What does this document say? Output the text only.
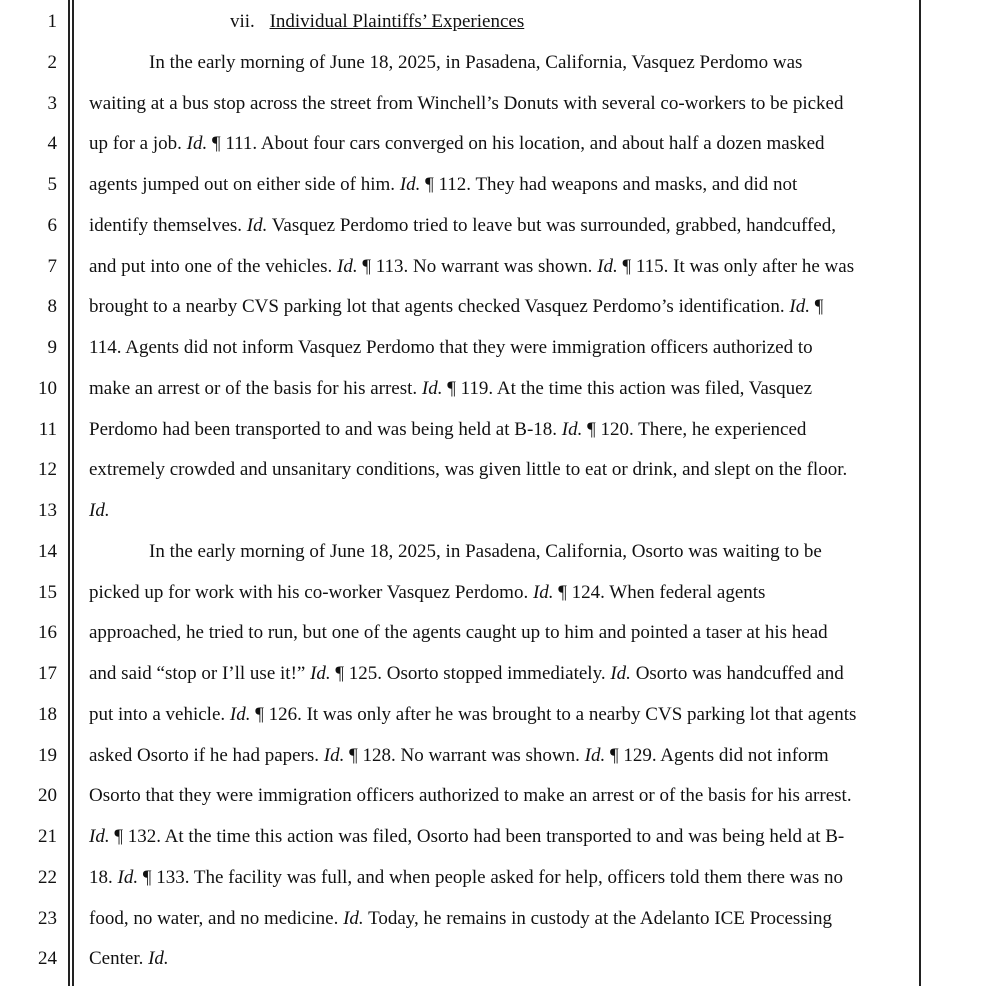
1
2
3
4
5
6
7
8
9
10
11
12
13
14
15
16
17
18
19
20
21
22
23
24
vii. Individual Plaintiffs’ Experiences
In the early morning of June 18, 2025, in Pasadena, California, Vasquez Perdomo was
waiting at a bus stop across the street from Winchell’s Donuts with several co-workers to be picked
up for a job. Id. ¶ 111. About four cars converged on his location, and about half a dozen masked
agents jumped out on either side of him. Id. ¶ 112. They had weapons and masks, and did not
identify themselves. Id. Vasquez Perdomo tried to leave but was surrounded, grabbed, handcuffed,
and put into one of the vehicles. Id. ¶ 113. No warrant was shown. Id. ¶ 115. It was only after he was
brought to a nearby CVS parking lot that agents checked Vasquez Perdomo’s identification. Id. ¶
114. Agents did not inform Vasquez Perdomo that they were immigration officers authorized to
make an arrest or of the basis for his arrest. Id. ¶ 119. At the time this action was filed, Vasquez
Perdomo had been transported to and was being held at B-18. Id. ¶ 120. There, he experienced
extremely crowded and unsanitary conditions, was given little to eat or drink, and slept on the floor.
Id.
In the early morning of June 18, 2025, in Pasadena, California, Osorto was waiting to be
picked up for work with his co-worker Vasquez Perdomo. Id. ¶ 124. When federal agents
approached, he tried to run, but one of the agents caught up to him and pointed a taser at his head
and said “stop or I’ll use it!” Id. ¶ 125. Osorto stopped immediately. Id. Osorto was handcuffed and
put into a vehicle. Id. ¶ 126. It was only after he was brought to a nearby CVS parking lot that agents
asked Osorto if he had papers. Id. ¶ 128. No warrant was shown. Id. ¶ 129. Agents did not inform
Osorto that they were immigration officers authorized to make an arrest or of the basis for his arrest.
Id. ¶ 132. At the time this action was filed, Osorto had been transported to and was being held at B-
18. Id. ¶ 133. The facility was full, and when people asked for help, officers told them there was no
food, no water, and no medicine. Id. Today, he remains in custody at the Adelanto ICE Processing
Center. Id.
